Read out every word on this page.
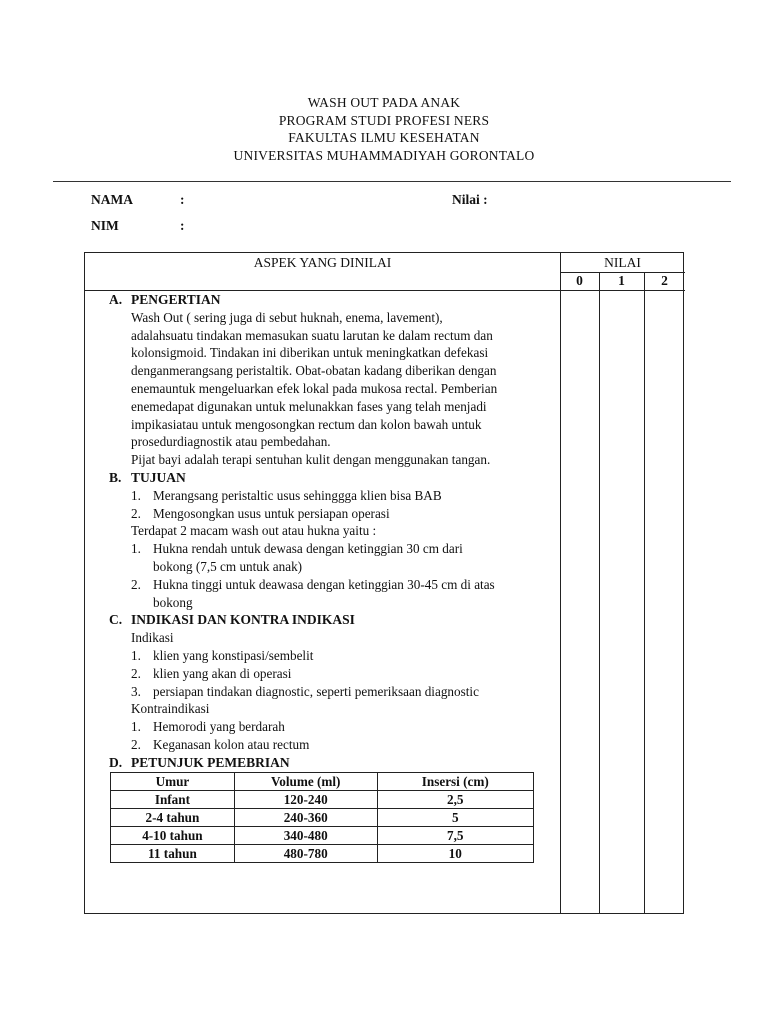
WASH OUT PADA ANAK
PROGRAM STUDI PROFESI NERS
FAKULTAS ILMU KESEHATAN
UNIVERSITAS MUHAMMADIYAH GORONTALO
NAMA	:	Nilai :
NIM	:
ASPEK YANG DINILAI	NILAI
0	1	2
A. PENGERTIAN
Wash Out ( sering juga di sebut huknah, enema, lavement),
adalahsuatu tindakan memasukan suatu larutan ke dalam rectum dan
kolonsigmoid. Tindakan ini diberikan untuk meningkatkan defekasi
denganmerangsang peristaltik. Obat-obatan kadang diberikan dengan
enemauntuk mengeluarkan efek lokal pada mukosa rectal. Pemberian
enemedapat digunakan untuk melunakkan fases yang telah menjadi
impikasiatau untuk mengosongkan rectum dan kolon bawah untuk
prosedurdiagnostik atau pembedahan.
Pijat bayi adalah terapi sentuhan kulit dengan menggunakan tangan.
B. TUJUAN
1. Merangsang peristaltic usus sehinggga klien bisa BAB
2. Mengosongkan usus untuk persiapan operasi
Terdapat 2 macam wash out atau hukna yaitu :
1. Hukna rendah untuk dewasa dengan ketinggian 30 cm dari
bokong (7,5 cm untuk anak)
2. Hukna tinggi untuk deawasa dengan ketinggian 30-45 cm di atas
bokong
C. INDIKASI DAN KONTRA INDIKASI
Indikasi
1. klien yang konstipasi/sembelit
2. klien yang akan di operasi
3. persiapan tindakan diagnostic, seperti pemeriksaan diagnostic
Kontraindikasi
1. Hemorodi yang berdarah
2. Keganasan kolon atau rectum
D. PETUNJUK PEMEBRIAN
Umur	Volume (ml)	Insersi (cm)
Infant	120-240	2,5
2-4 tahun	240-360	5
4-10 tahun	340-480	7,5
11 tahun	480-780	10
